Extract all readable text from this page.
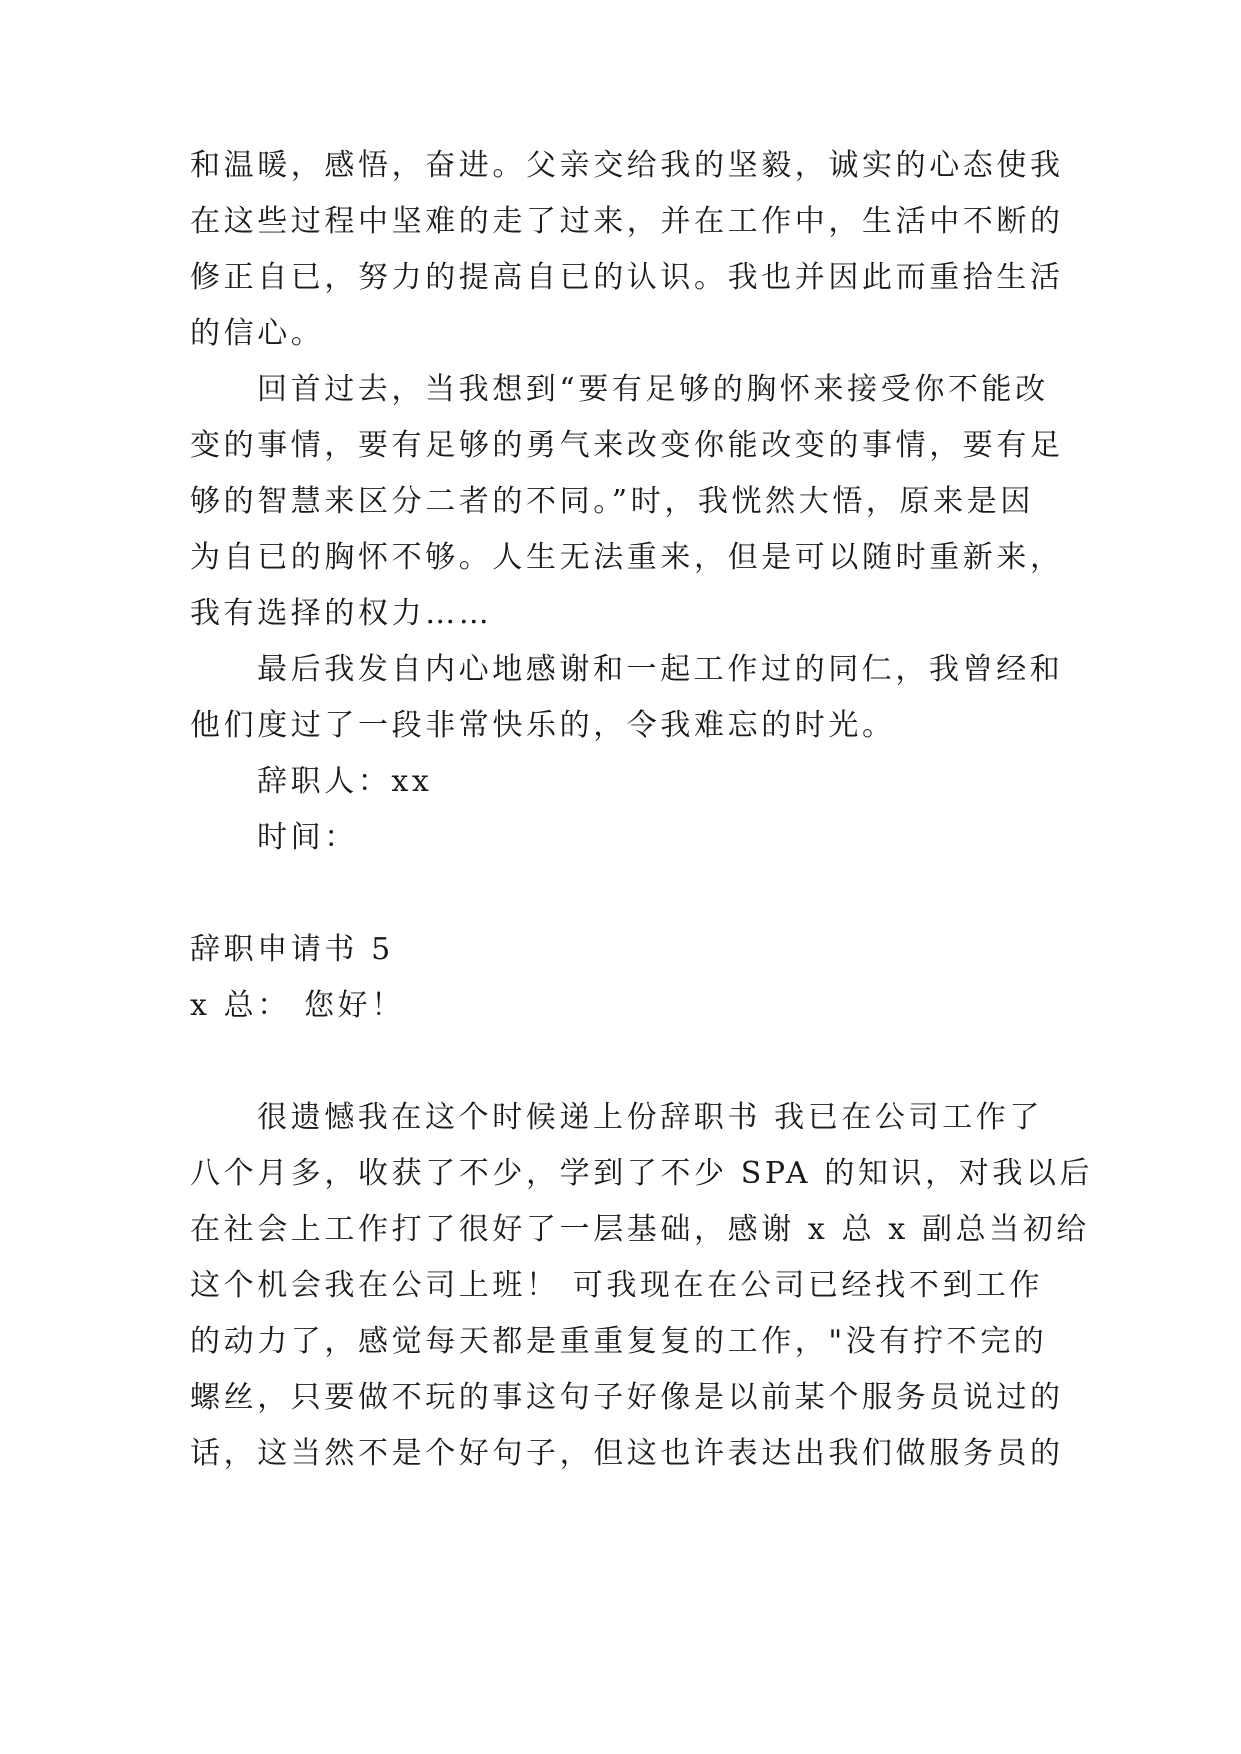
和温暖，感悟，奋进。父亲交给我的坚毅，诚实的心态使我
在这些过程中坚难的走了过来，并在工作中，生活中不断的
修正自已，努力的提高自已的认识。我也并因此而重拾生活
的信心。
回首过去，当我想到“要有足够的胸怀来接受你不能改
变的事情，要有足够的勇气来改变你能改变的事情，要有足
够的智慧来区分二者的不同。”时，我恍然大悟，原来是因
为自已的胸怀不够。人生无法重来，但是可以随时重新来，
我有选择的权力……
最后我发自内心地感谢和一起工作过的同仁，我曾经和
他们度过了一段非常快乐的，令我难忘的时光。
辞职人：xx
时间：
辞职申请书 5
x 总： 您好！
很遗憾我在这个时候递上份辞职书 我已在公司工作了
八个月多，收获了不少，学到了不少 SPA 的知识，对我以后
在社会上工作打了很好了一层基础，感谢 x 总 x 副总当初给
这个机会我在公司上班！ 可我现在在公司已经找不到工作
的动力了，感觉每天都是重重复复的工作，"没有拧不完的
螺丝，只要做不玩的事这句子好像是以前某个服务员说过的
话，这当然不是个好句子，但这也许表达出我们做服务员的
